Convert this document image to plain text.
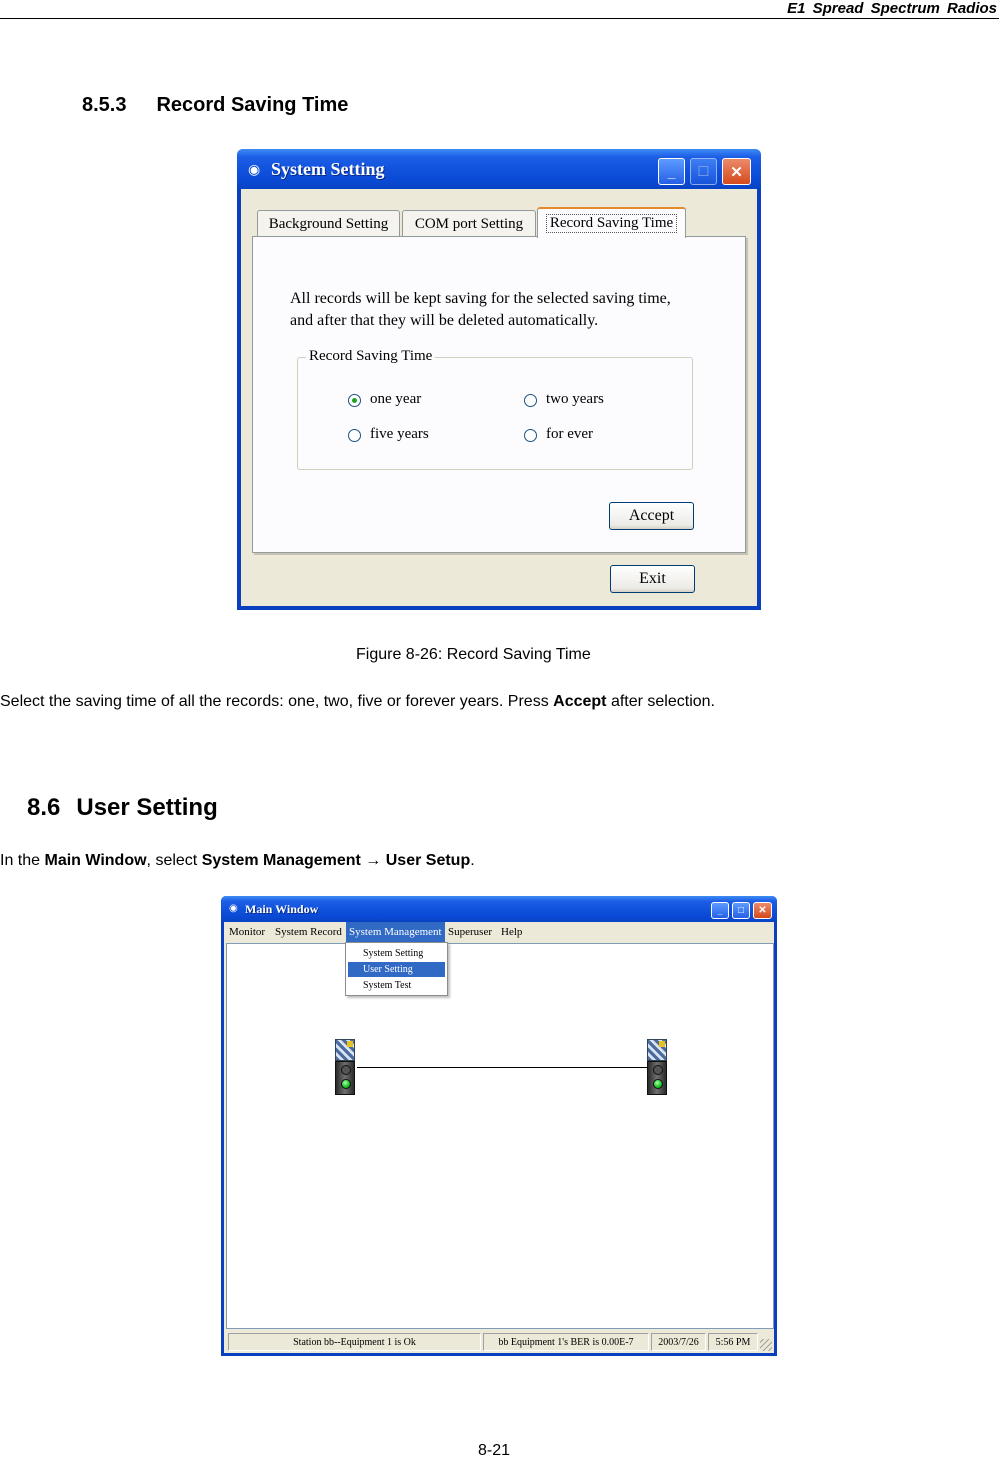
E1 Spread Spectrum Radios
8.5.3 Record Saving Time
◉ System Setting	_	□	✕
Background Setting COM port Setting Record Saving Time
All records will be kept saving for the selected saving time,
and after that they will be deleted automatically.
Record Saving Time
one year	two years
five years	for ever
Accept
Exit
Figure 8-26: Record Saving Time
Select the saving time of all the records: one, two, five or forever years. Press Accept after selection.
8.6 User Setting
In the Main Window, select System Management → User Setup.
◉ Main Window	_	□	✕
Monitor System Record System Management Superuser Help
System Setting
User Setting
System Test
Station bb--Equipment 1 is Ok	bb Equipment 1's BER is 0.00E-7	2003/7/26	5:56 PM
8-21
